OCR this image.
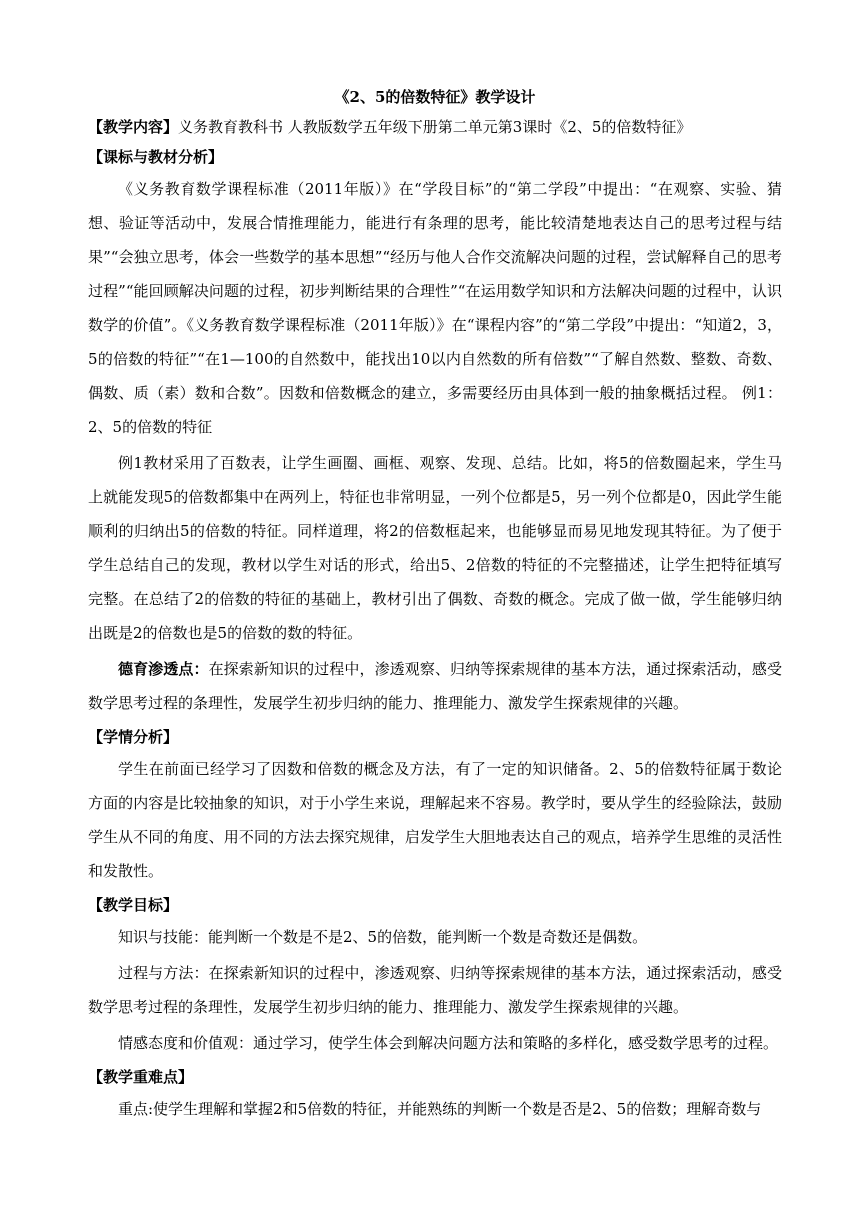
《2、5的倍数特征》教学设计

【教学内容】义务教育教科书 人教版数学五年级下册第二单元第3课时《2、5的倍数特征》

【课标与教材分析】

《义务教育数学课程标准（2011年版）》在“学段目标”的“第二学段”中提出：“在观察、实验、猜想、验证等活动中，发展合情推理能力，能进行有条理的思考，能比较清楚地表达自己的思考过程与结果”“会独立思考，体会一些数学的基本思想”“经历与他人合作交流解决问题的过程，尝试解释自己的思考过程”“能回顾解决问题的过程，初步判断结果的合理性”“在运用数学知识和方法解决问题的过程中，认识数学的价值”。《义务教育数学课程标准（2011年版）》在“课程内容”的“第二学段”中提出：“知道2，3，5的倍数的特征”“在1—100的自然数中，能找出10以内自然数的所有倍数”“了解自然数、整数、奇数、偶数、质（素）数和合数”。因数和倍数概念的建立，多需要经历由具体到一般的抽象概括过程。 例1：2、5的倍数的特征

例1教材采用了百数表，让学生画圈、画框、观察、发现、总结。比如，将5的倍数圈起来，学生马上就能发现5的倍数都集中在两列上，特征也非常明显，一列个位都是5，另一列个位都是0，因此学生能顺利的归纳出5的倍数的特征。同样道理，将2的倍数框起来，也能够显而易见地发现其特征。为了便于学生总结自己的发现，教材以学生对话的形式，给出5、2倍数的特征的不完整描述，让学生把特征填写完整。在总结了2的倍数的特征的基础上，教材引出了偶数、奇数的概念。完成了做一做，学生能够归纳出既是2的倍数也是5的倍数的数的特征。

德育渗透点：在探索新知识的过程中，渗透观察、归纳等探索规律的基本方法，通过探索活动，感受数学思考过程的条理性，发展学生初步归纳的能力、推理能力、激发学生探索规律的兴趣。

【学情分析】

学生在前面已经学习了因数和倍数的概念及方法，有了一定的知识储备。2、5的倍数特征属于数论方面的内容是比较抽象的知识，对于小学生来说，理解起来不容易。教学时，要从学生的经验除法，鼓励学生从不同的角度、用不同的方法去探究规律，启发学生大胆地表达自己的观点，培养学生思维的灵活性和发散性。

【教学目标】

知识与技能：能判断一个数是不是2、5的倍数，能判断一个数是奇数还是偶数。

过程与方法：在探索新知识的过程中，渗透观察、归纳等探索规律的基本方法，通过探索活动，感受数学思考过程的条理性，发展学生初步归纳的能力、推理能力、激发学生探索规律的兴趣。

情感态度和价值观：通过学习，使学生体会到解决问题方法和策略的多样化，感受数学思考的过程。

【教学重难点】

重点:使学生理解和掌握2和5倍数的特征，并能熟练的判断一个数是否是2、5的倍数；理解奇数与
